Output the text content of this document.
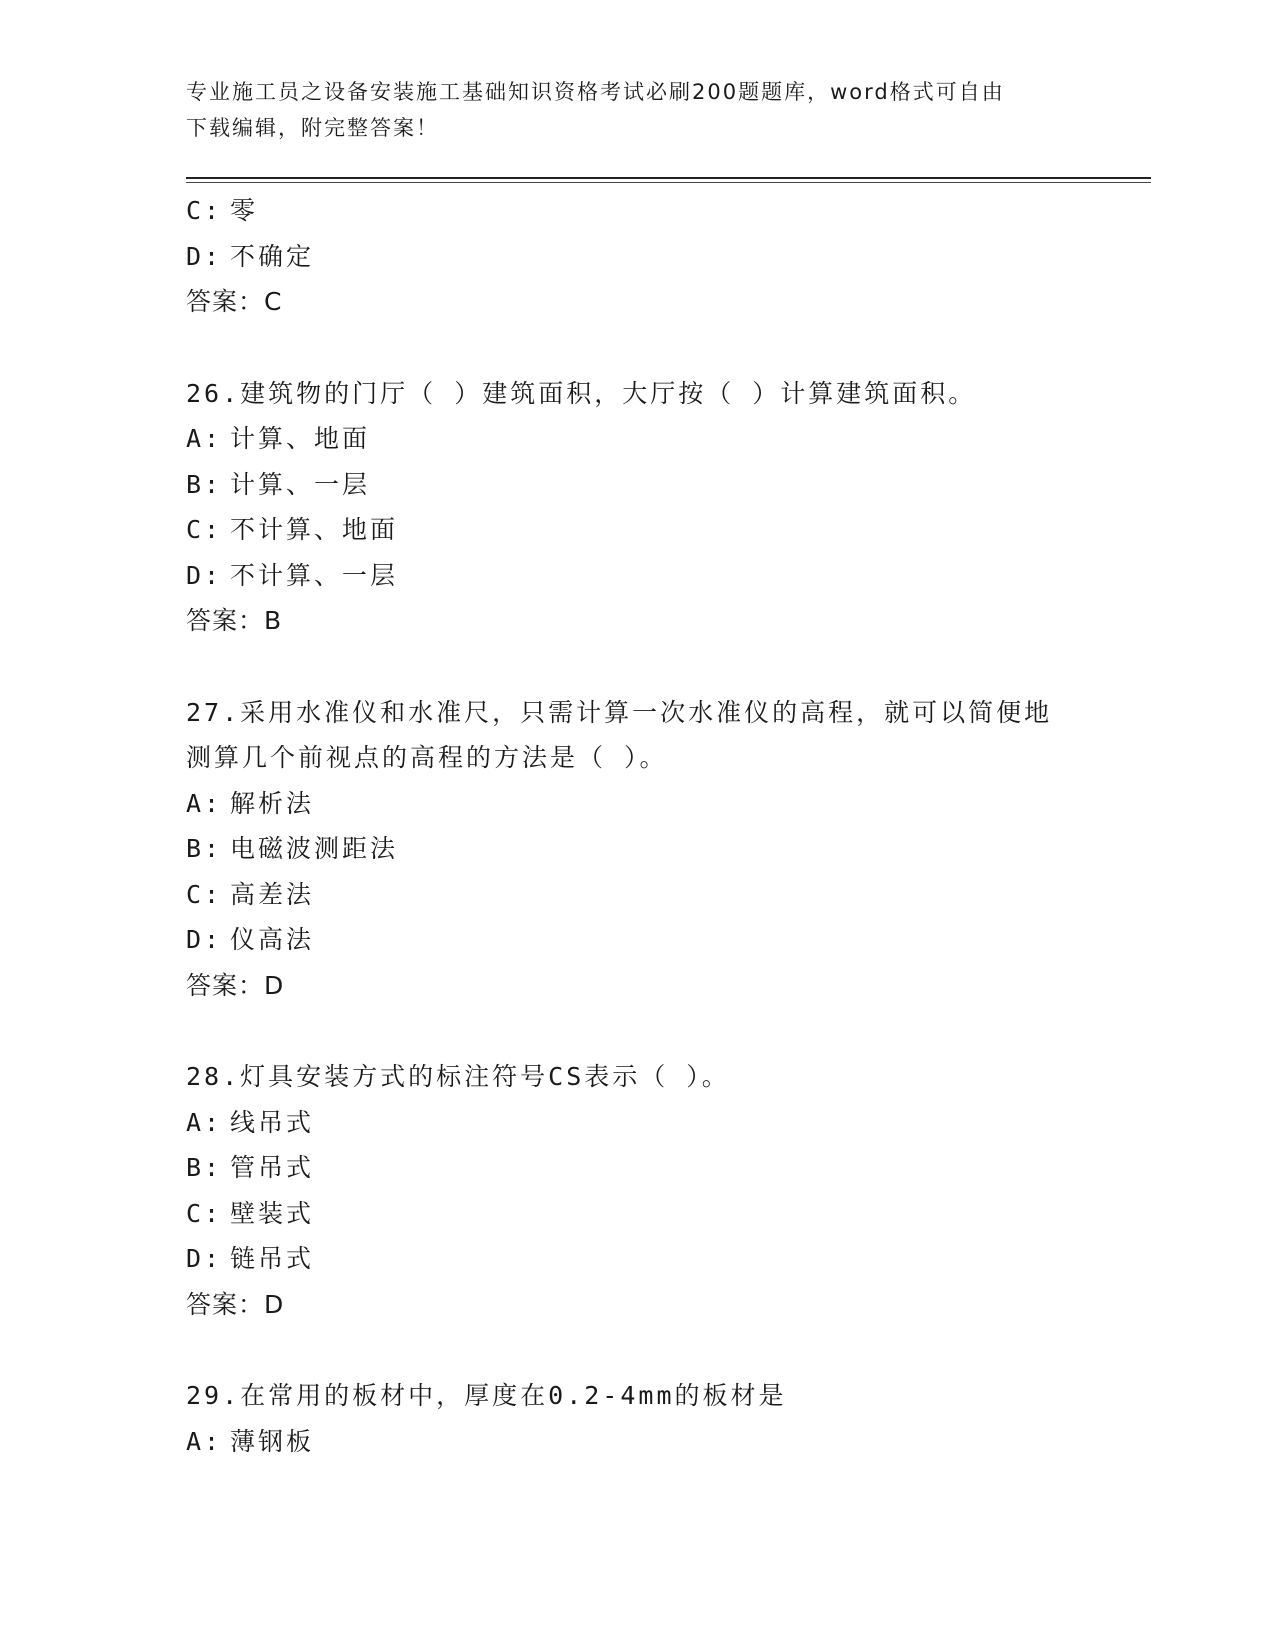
专业施工员之设备安装施工基础知识资格考试必刷200题题库，word格式可自由
下载编辑，附完整答案！
C: 零
D: 不确定
答案：C
26.建筑物的门厅（ ）建筑面积，大厅按（ ）计算建筑面积。
A: 计算、地面
B: 计算、一层
C: 不计算、地面
D: 不计算、一层
答案：B
27.采用水准仪和水准尺，只需计算一次水准仪的高程，就可以简便地
测算几个前视点的高程的方法是（ ）。
A: 解析法
B: 电磁波测距法
C: 高差法
D: 仪高法
答案：D
28.灯具安装方式的标注符号CS表示（ ）。
A: 线吊式
B: 管吊式
C: 壁装式
D: 链吊式
答案：D
29.在常用的板材中，厚度在0.2-4mm的板材是
A: 薄钢板
